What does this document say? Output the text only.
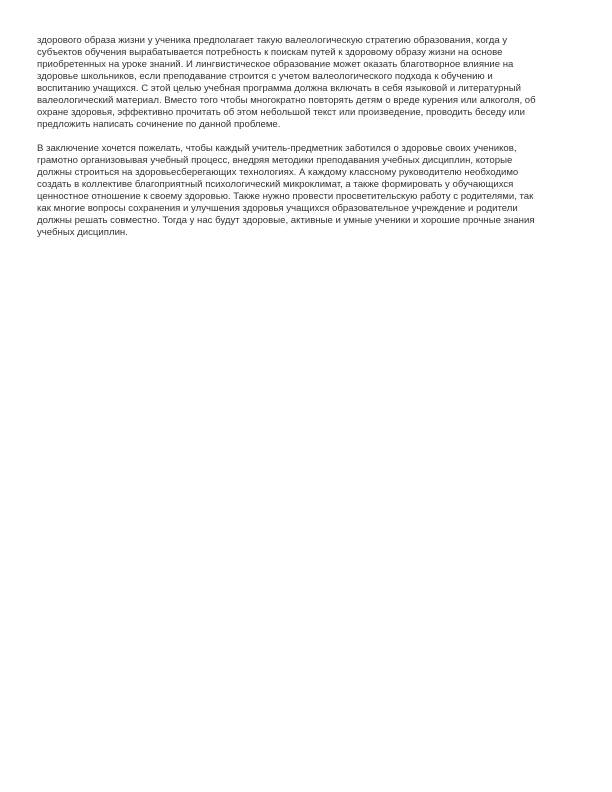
здорового образа жизни у ученика предполагает такую валеологическую стратегию образования, когда у
субъектов обучения вырабатывается потребность к поискам путей к здоровому образу жизни на основе
приобретенных на уроке знаний. И лингвистическое образование может оказать благотворное влияние на
здоровье школьников, если преподавание строится с учетом валеологического подхода к обучению и
воспитанию учащихся. С этой целью учебная программа должна включать в себя языковой и литературный
валеологический материал. Вместо того чтобы многократно повторять детям о вреде курения или алкоголя, об
охране здоровья, эффективно прочитать об этом небольшой текст или произведение, проводить беседу или
предложить написать сочинение по данной проблеме.
В заключение хочется пожелать, чтобы каждый учитель-предметник заботился о здоровье своих учеников,
грамотно организовывая учебный процесс, внедряя методики преподавания учебных дисциплин, которые
должны строиться на здоровьесберегающих технологиях. А каждому классному руководителю необходимо
создать в коллективе благоприятный психологический микроклимат, а также формировать у обучающихся
ценностное отношение к своему здоровью. Также нужно провести просветительскую работу с родителями, так
как многие вопросы сохранения и улучшения здоровья учащихся образовательное учреждение и родители
должны решать совместно. Тогда у нас будут здоровые, активные и умные ученики и хорошие прочные знания
учебных дисциплин.
